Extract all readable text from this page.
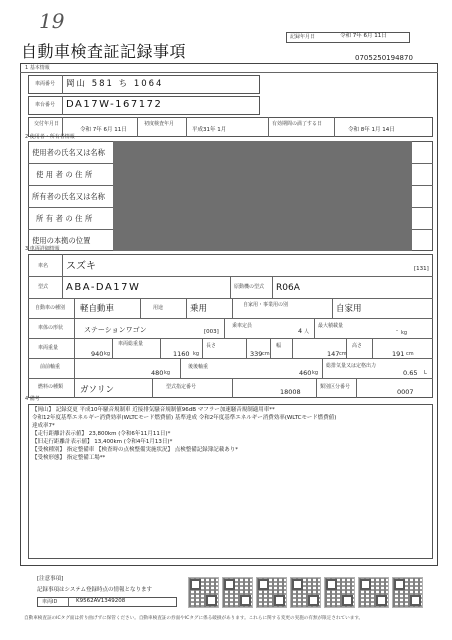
19
記録年月日	令和 7年 6月 11日
自動車検査証記録事項	0705250194870
1 基本情報
車両番号 岡山 581 ち 1064
車台番号 DA17W-167172
交付年月日
令和 7年 6月 11日
初度検査年月
平成31年 1月
有効期間の満了する日
令和 8年 1月 14日
2 使用者・所有者情報
使用者の氏名又は名称
使用者の住所
所有者の氏名又は名称
所有者の住所
使用の本拠の位置
3 車両詳細情報
車名 スズキ	[131]
型式 ABA-DA17W	原動機の型式 R06A
自動車の種別 軽自動車	用途	乗用	自家用・事業用の別	自家用
車体の形状	ステーションワゴン	[003]
乗車定員
4 人
最大積載量
- kg
車両重量
940 kg
車両総重量
1160 kg
長さ
339 cm
幅
147 cm
高さ
191 cm
前前軸重
480 kg
後後軸重
460 kg
総排気量又は定格出力
0.65 L
燃料の種類 ガソリン	型式指定番号
18008
類別区分番号
0007
4 備考
【岡山】 記録変更 平成10年騒音規制車 近接排気騒音規制値96dB マフラー加速騒音規制適用車**
令和12年度基準エネルギー消費効率(WLTCモード燃費値) 基準達成 令和2年度基準エネルギー消費効率(WLTCモード燃費値)
達成率7*
【走行距離計表示値】 23,800km (令和6年11月11日)*
【旧走行距離計表示値】 13,400km (令和4年1月13日)*
【受検種別】 指定整備車 【検査時の点検整備実施状況】 点検整備記録簿記載あり*
【受検形態】 指定整備工場**
[注意事項]
記録事項はシステム登録時点の情報となります
車両ID	K9562AV1349208
自動車検査証のICタグ面は折り曲げずに保管ください。自動車検査証の券面やICタグに係る破損があります。これらに関する変更の実施の有無が限定されています。
